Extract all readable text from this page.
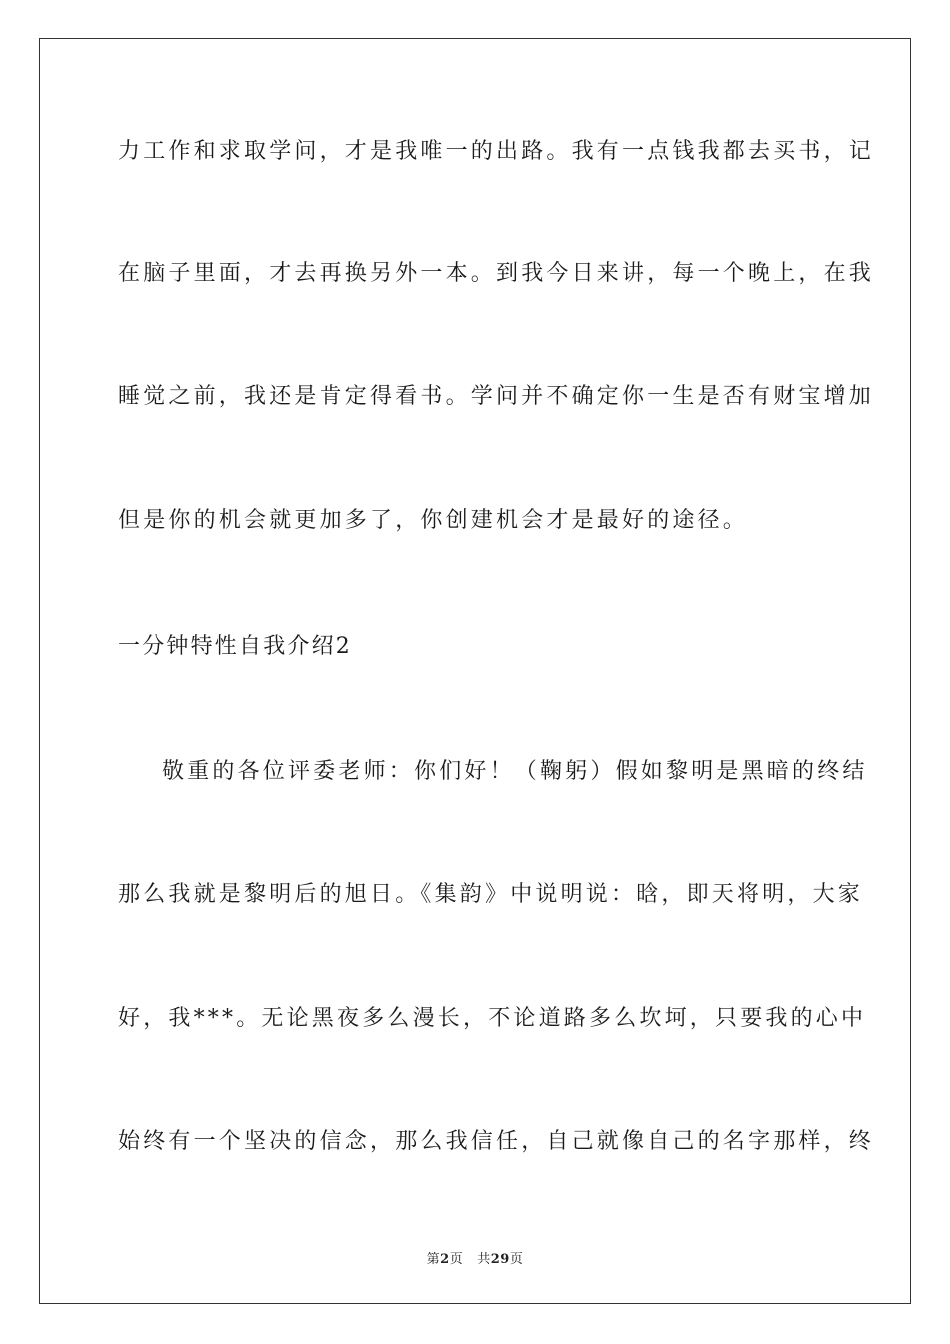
力工作和求取学问，才是我唯一的出路。我有一点钱我都去买书，记
在脑子里面，才去再换另外一本。到我今日来讲，每一个晚上，在我
睡觉之前，我还是肯定得看书。学问并不确定你一生是否有财宝增加
但是你的机会就更加多了，你创建机会才是最好的途径。
一分钟特性自我介绍2
敬重的各位评委老师：你们好！（鞠躬）假如黎明是黑暗的终结
那么我就是黎明后的旭日。《集韵》中说明说：晗，即天将明，大家
好，我***。无论黑夜多么漫长，不论道路多么坎坷，只要我的心中
始终有一个坚决的信念，那么我信任，自己就像自己的名字那样，终
第2页 共29页
